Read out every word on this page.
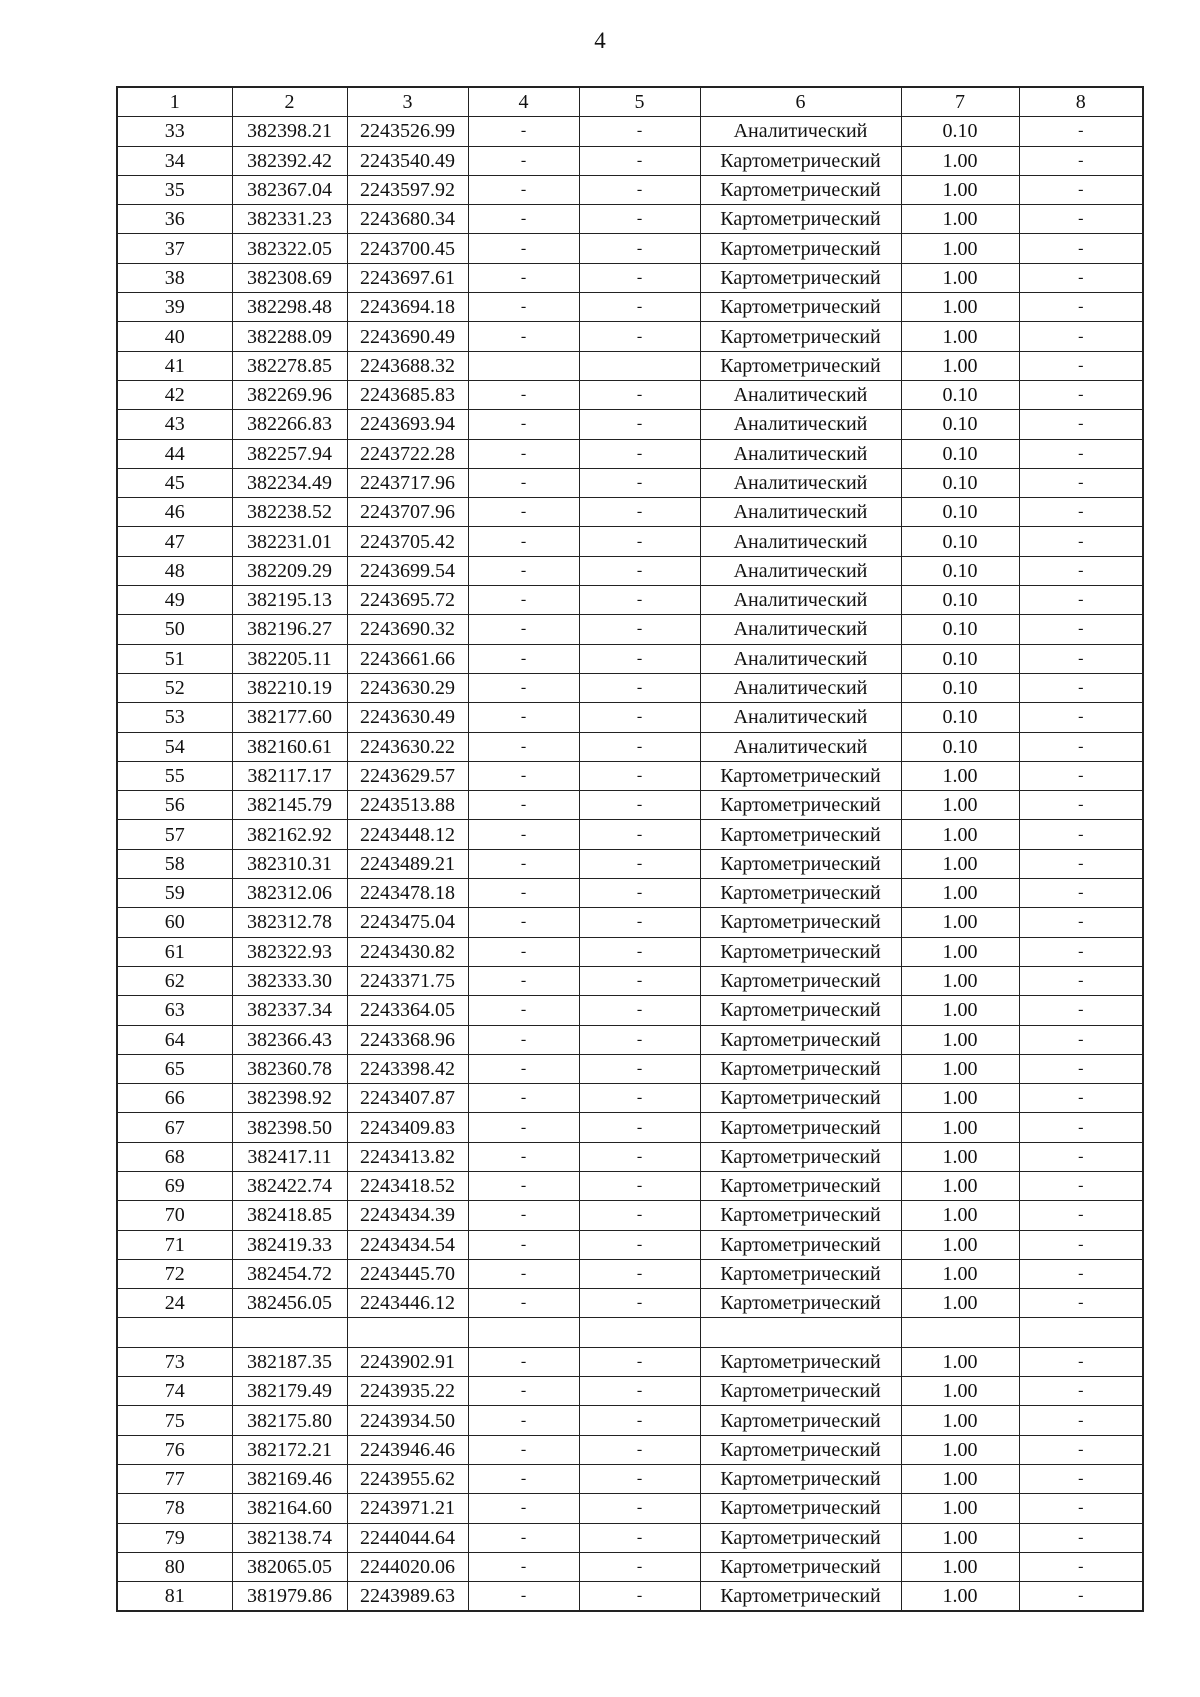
4
1	2	3	4	5	6	7	8
33	382398.21	2243526.99	-	-	Аналитический	0.10	-
34	382392.42	2243540.49	-	-	Картометрический	1.00	-
35	382367.04	2243597.92	-	-	Картометрический	1.00	-
36	382331.23	2243680.34	-	-	Картометрический	1.00	-
37	382322.05	2243700.45	-	-	Картометрический	1.00	-
38	382308.69	2243697.61	-	-	Картометрический	1.00	-
39	382298.48	2243694.18	-	-	Картометрический	1.00	-
40	382288.09	2243690.49	-	-	Картометрический	1.00	-
41	382278.85	2243688.32			Картометрический	1.00	-
42	382269.96	2243685.83	-	-	Аналитический	0.10	-
43	382266.83	2243693.94	-	-	Аналитический	0.10	-
44	382257.94	2243722.28	-	-	Аналитический	0.10	-
45	382234.49	2243717.96	-	-	Аналитический	0.10	-
46	382238.52	2243707.96	-	-	Аналитический	0.10	-
47	382231.01	2243705.42	-	-	Аналитический	0.10	-
48	382209.29	2243699.54	-	-	Аналитический	0.10	-
49	382195.13	2243695.72	-	-	Аналитический	0.10	-
50	382196.27	2243690.32	-	-	Аналитический	0.10	-
51	382205.11	2243661.66	-	-	Аналитический	0.10	-
52	382210.19	2243630.29	-	-	Аналитический	0.10	-
53	382177.60	2243630.49	-	-	Аналитический	0.10	-
54	382160.61	2243630.22	-	-	Аналитический	0.10	-
55	382117.17	2243629.57	-	-	Картометрический	1.00	-
56	382145.79	2243513.88	-	-	Картометрический	1.00	-
57	382162.92	2243448.12	-	-	Картометрический	1.00	-
58	382310.31	2243489.21	-	-	Картометрический	1.00	-
59	382312.06	2243478.18	-	-	Картометрический	1.00	-
60	382312.78	2243475.04	-	-	Картометрический	1.00	-
61	382322.93	2243430.82	-	-	Картометрический	1.00	-
62	382333.30	2243371.75	-	-	Картометрический	1.00	-
63	382337.34	2243364.05	-	-	Картометрический	1.00	-
64	382366.43	2243368.96	-	-	Картометрический	1.00	-
65	382360.78	2243398.42	-	-	Картометрический	1.00	-
66	382398.92	2243407.87	-	-	Картометрический	1.00	-
67	382398.50	2243409.83	-	-	Картометрический	1.00	-
68	382417.11	2243413.82	-	-	Картометрический	1.00	-
69	382422.74	2243418.52	-	-	Картометрический	1.00	-
70	382418.85	2243434.39	-	-	Картометрический	1.00	-
71	382419.33	2243434.54	-	-	Картометрический	1.00	-
72	382454.72	2243445.70	-	-	Картометрический	1.00	-
24	382456.05	2243446.12	-	-	Картометрический	1.00	-

73	382187.35	2243902.91	-	-	Картометрический	1.00	-
74	382179.49	2243935.22	-	-	Картометрический	1.00	-
75	382175.80	2243934.50	-	-	Картометрический	1.00	-
76	382172.21	2243946.46	-	-	Картометрический	1.00	-
77	382169.46	2243955.62	-	-	Картометрический	1.00	-
78	382164.60	2243971.21	-	-	Картометрический	1.00	-
79	382138.74	2244044.64	-	-	Картометрический	1.00	-
80	382065.05	2244020.06	-	-	Картометрический	1.00	-
81	381979.86	2243989.63	-	-	Картометрический	1.00	-
